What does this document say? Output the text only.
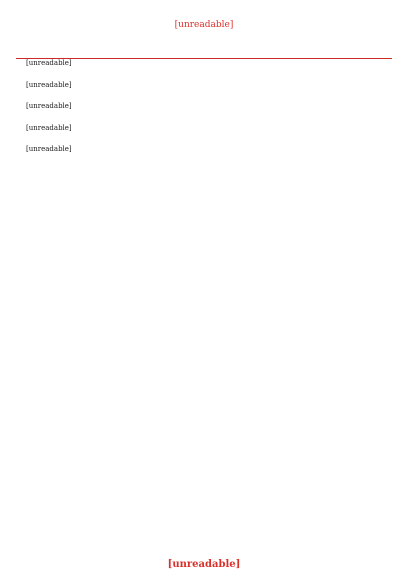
[unreadable]

[unreadable]

[unreadable]

[unreadable]

[unreadable]

[unreadable]

[unreadable]
